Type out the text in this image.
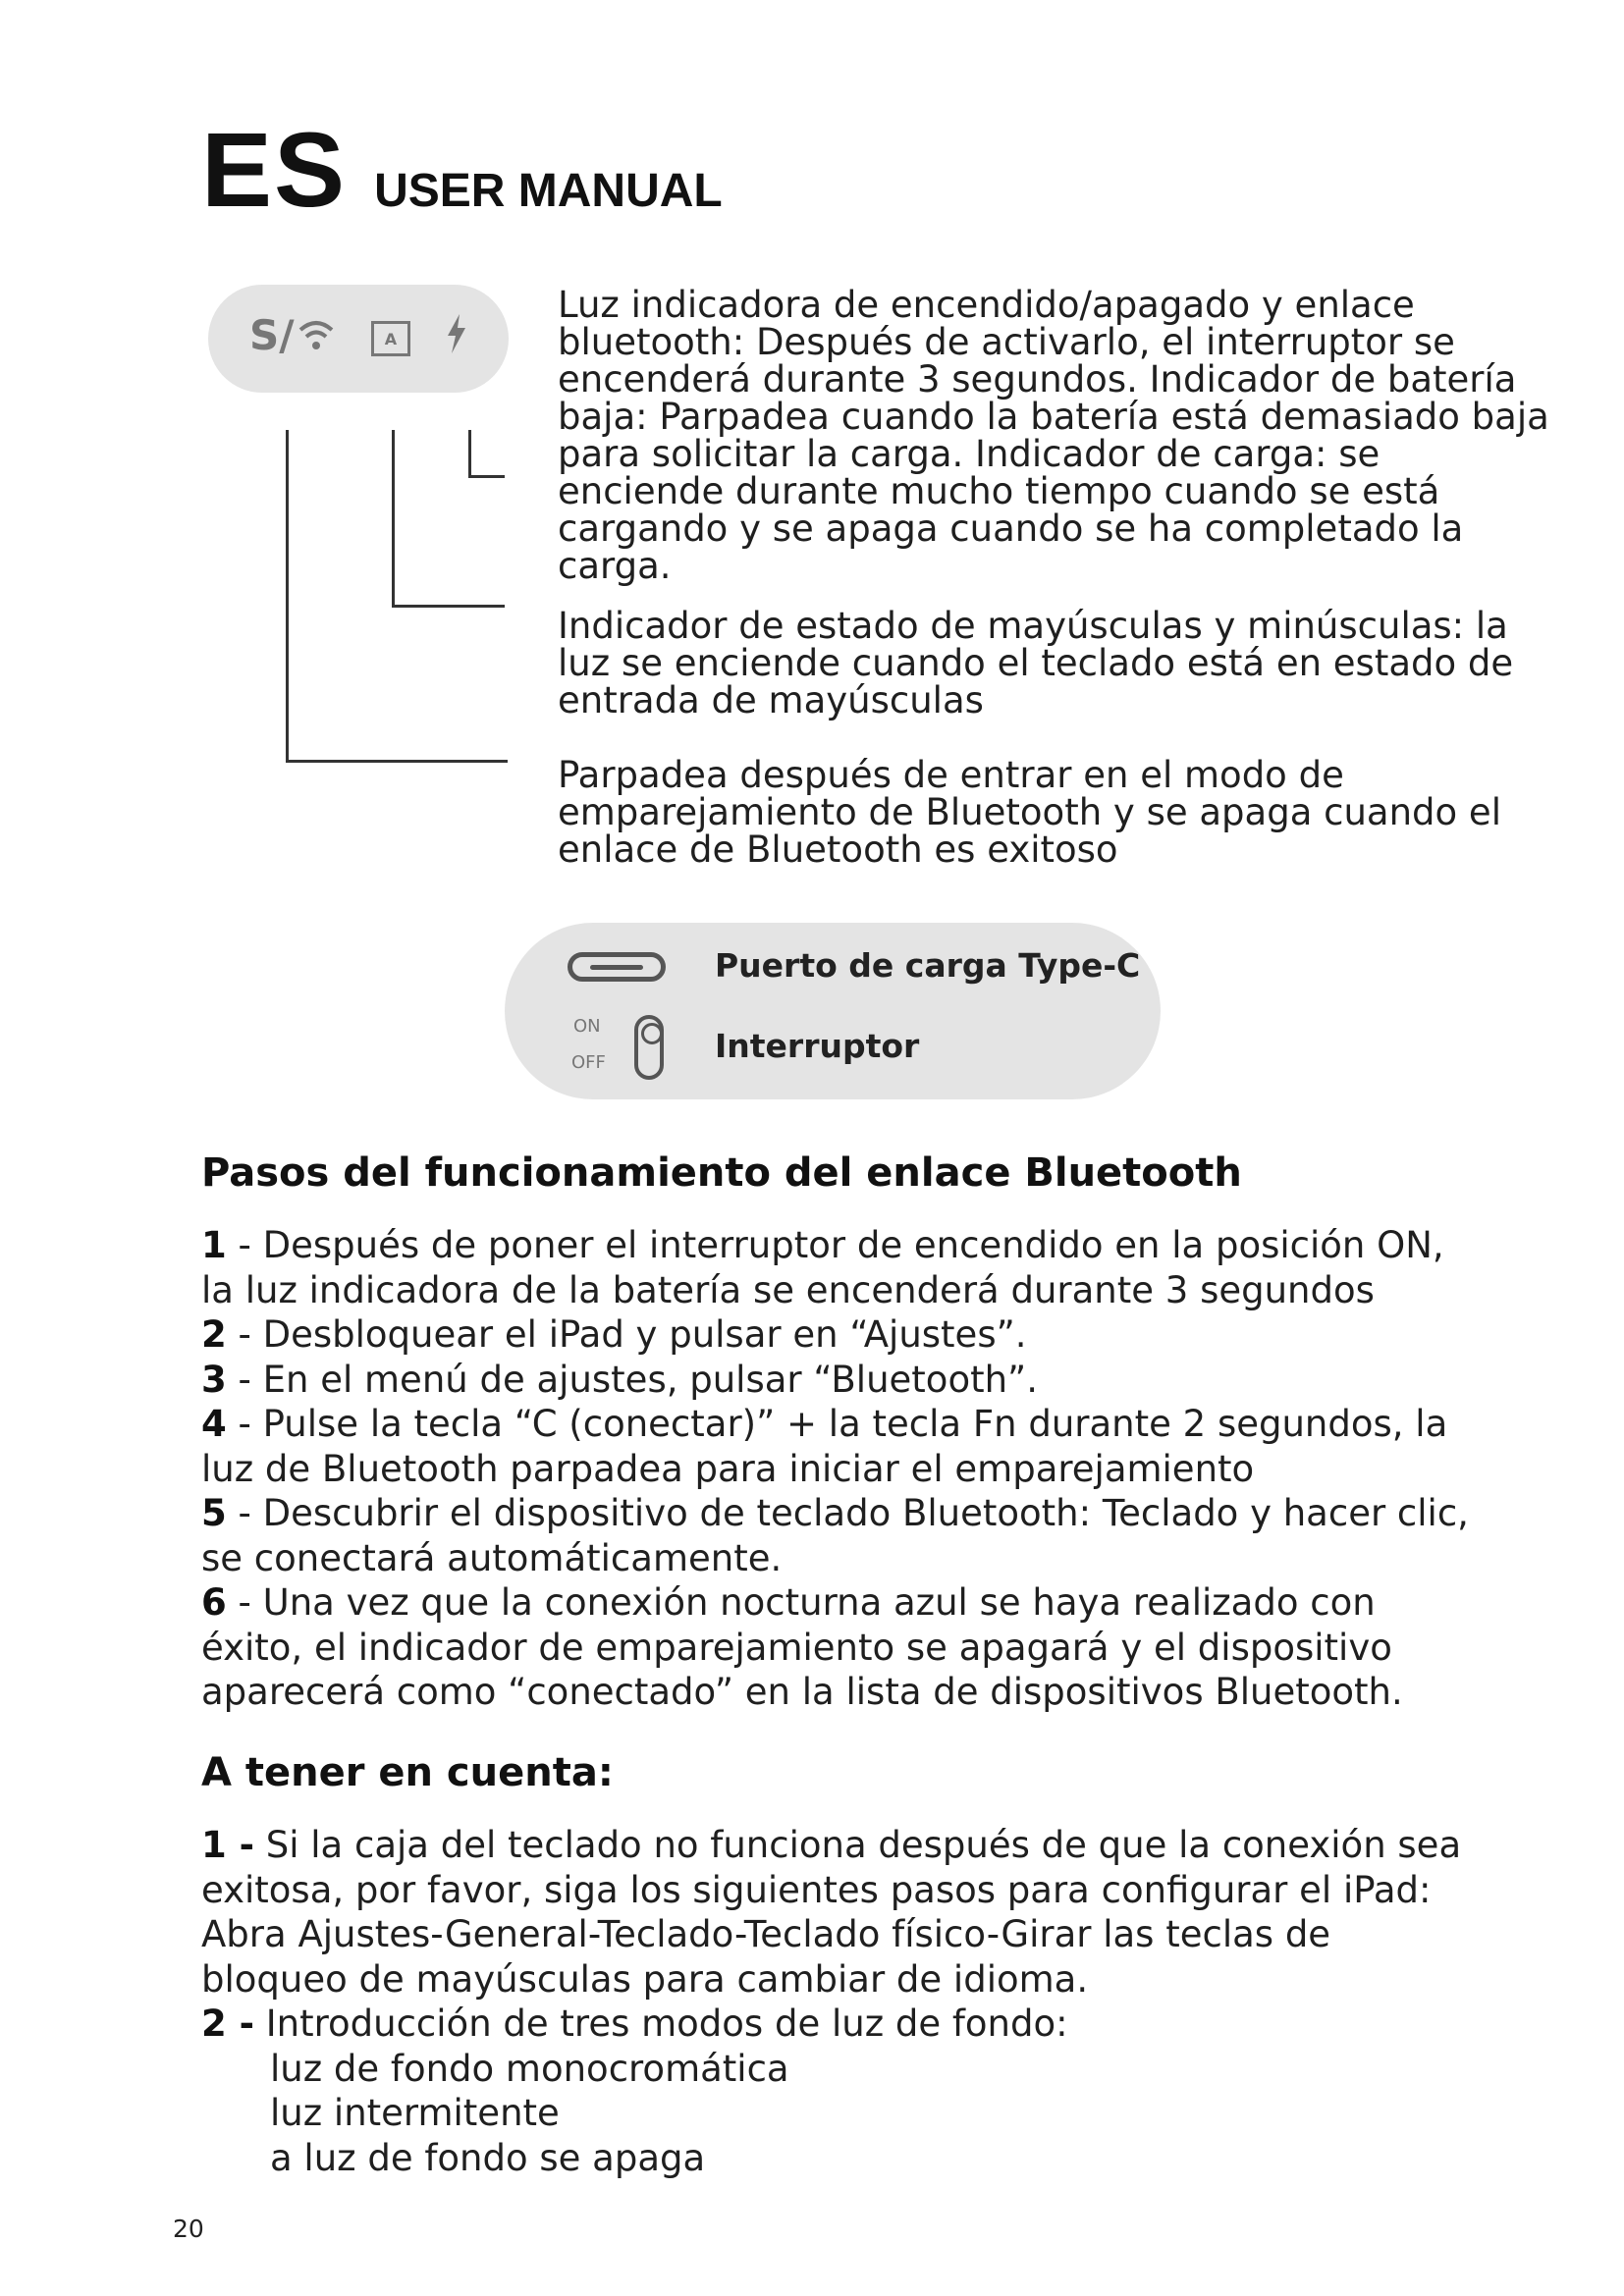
ES USER MANUAL
S/	A

Luz indicadora de encendido/apagado y enlace bluetooth: Después de activarlo, el interruptor se encenderá durante 3 segundos. Indicador de batería baja: Parpadea cuando la batería está demasiado baja para solicitar la carga. Indicador de carga: se enciende durante mucho tiempo cuando se está cargando y se apaga cuando se ha completado la carga.

Indicador de estado de mayúsculas y minúsculas: la luz se enciende cuando el teclado está en estado de entrada de mayúsculas

Parpadea después de entrar en el modo de emparejamiento de Bluetooth y se apaga cuando el enlace de Bluetooth es exitoso

Puerto de carga Type-C
ON
OFF	Interruptor
Pasos del funcionamiento del enlace Bluetooth
1 - Después de poner el interruptor de encendido en la posición ON, la luz indicadora de la batería se encenderá durante 3 segundos
2 - Desbloquear el iPad y pulsar en “Ajustes”.
3 - En el menú de ajustes, pulsar “Bluetooth”.
4 - Pulse la tecla “C (conectar)” + la tecla Fn durante 2 segundos, la luz de Bluetooth parpadea para iniciar el emparejamiento
5 - Descubrir el dispositivo de teclado Bluetooth: Teclado y hacer clic, se conectará automáticamente.
6 - Una vez que la conexión nocturna azul se haya realizado con éxito, el indicador de emparejamiento se apagará y el dispositivo aparecerá como “conectado” en la lista de dispositivos Bluetooth.
A tener en cuenta:
1 - Si la caja del teclado no funciona después de que la conexión sea exitosa, por favor, siga los siguientes pasos para configurar el iPad: Abra Ajustes-General-Teclado-Teclado físico-Girar las teclas de bloqueo de mayúsculas para cambiar de idioma.
2 - Introducción de tres modos de luz de fondo:
luz de fondo monocromática
luz intermitente
a luz de fondo se apaga
20
